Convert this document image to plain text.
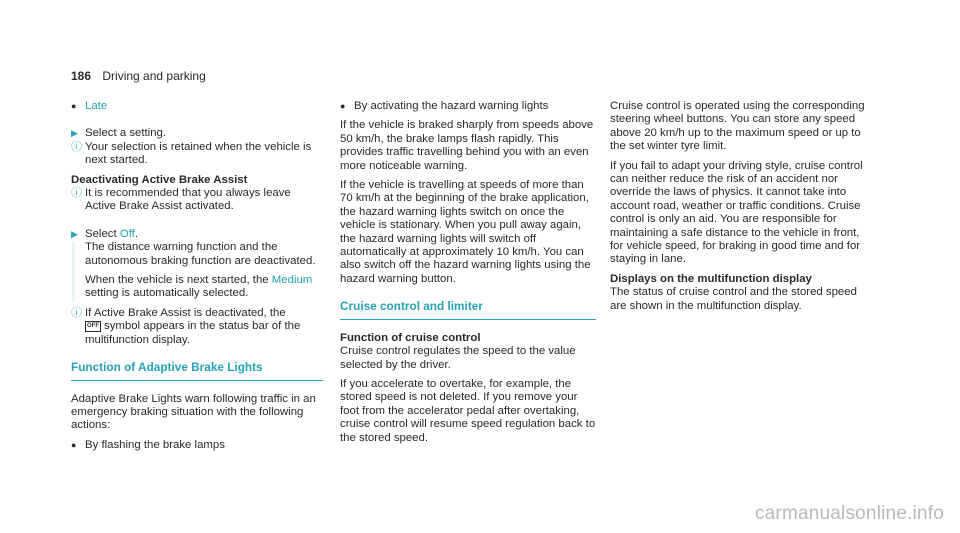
186 Driving and parking
● Late
▶ Select a setting.
ⓘ Your selection is retained when the vehicle is next started.

Deactivating Active Brake Assist

ⓘ It is recommended that you always leave Active Brake Assist activated.
▶ Select Off.

The distance warning function and the autonomous braking function are deactivated.

When the vehicle is next started, the Medium setting is automatically selected.

ⓘ If Active Brake Assist is deactivated, the
OFF symbol appears in the status bar of the multifunction display.
Function of Adaptive Brake Lights

Adaptive Brake Lights warn following traffic in an emergency braking situation with the following actions:

● By flashing the brake lamps
● By activating the hazard warning lights

If the vehicle is braked sharply from speeds above 50 km/h, the brake lamps flash rapidly. This provides traffic travelling behind you with an even more noticeable warning.

If the vehicle is travelling at speeds of more than 70 km/h at the beginning of the brake application, the hazard warning lights switch on once the vehicle is stationary. When you pull away again, the hazard warning lights will switch off automatically at approximately 10 km/h. You can also switch off the hazard warning lights using the hazard warning button.

Cruise control and limiter

Function of cruise control

Cruise control regulates the speed to the value selected by the driver.

If you accelerate to overtake, for example, the stored speed is not deleted. If you remove your foot from the accelerator pedal after overtaking, cruise control will resume speed regulation back to the stored speed.

Cruise control is operated using the corresponding steering wheel buttons. You can store any speed above 20 km/h up to the maximum speed or up to the set winter tyre limit.

If you fail to adapt your driving style, cruise control can neither reduce the risk of an accident nor override the laws of physics. It cannot take into account road, weather or traffic conditions. Cruise control is only an aid. You are responsible for maintaining a safe distance to the vehicle in front, for vehicle speed, for braking in good time and for staying in lane.

Displays on the multifunction display

The status of cruise control and the stored speed are shown in the multifunction display.

carmanualsonline.info
